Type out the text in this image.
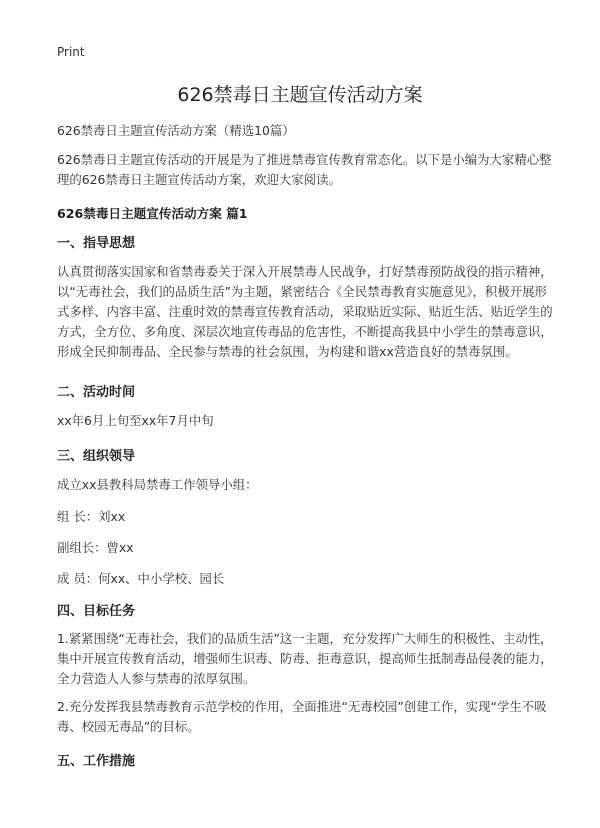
Print
626禁毒日主题宣传活动方案
626禁毒日主题宣传活动方案（精选10篇）
626禁毒日主题宣传活动的开展是为了推进禁毒宣传教育常态化。以下是小编为大家精心整理的626禁毒日主题宣传活动方案，欢迎大家阅读。
626禁毒日主题宣传活动方案 篇1
一、指导思想
认真贯彻落实国家和省禁毒委关于深入开展禁毒人民战争，打好禁毒预防战役的指示精神，以“无毒社会，我们的品质生活”为主题，紧密结合《全民禁毒教育实施意见》，积极开展形式多样、内容丰富、注重时效的禁毒宣传教育活动，采取贴近实际、贴近生活、贴近学生的方式，全方位、多角度、深层次地宣传毒品的危害性，不断提高我县中小学生的禁毒意识，形成全民抑制毒品、全民参与禁毒的社会氛围，为构建和谐xx营造良好的禁毒氛围。
二、活动时间
xx年6月上旬至xx年7月中旬
三、组织领导
成立xx县教科局禁毒工作领导小组：
组 长：刘xx
副组长：曾xx
成 员：何xx、中小学校、园长
四、目标任务
1.紧紧围绕“无毒社会，我们的品质生活”这一主题，充分发挥广大师生的积极性、主动性，集中开展宣传教育活动，增强师生识毒、防毒、拒毒意识，提高师生抵制毒品侵袭的能力，全力营造人人参与禁毒的浓厚氛围。
2.充分发挥我县禁毒教育示范学校的作用，全面推进“无毒校园”创建工作，实现“学生不吸毒、校园无毒品”的目标。
五、工作措施
